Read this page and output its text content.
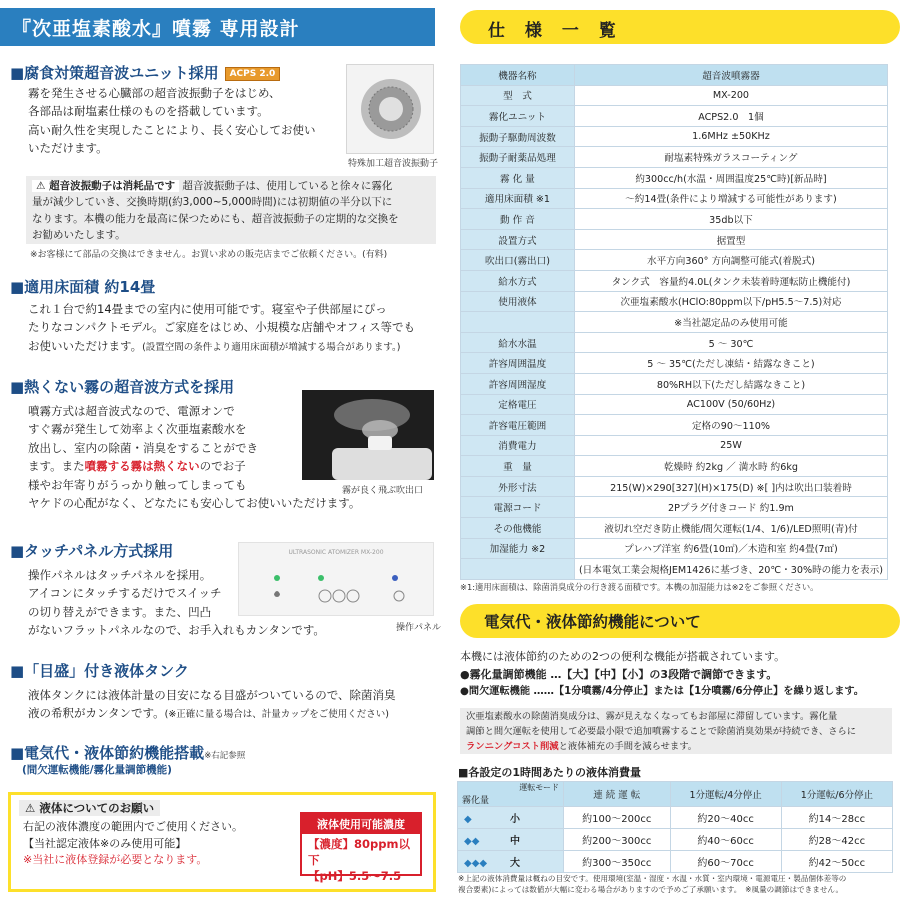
『次亜塩素酸水』噴霧 専用設計
■腐食対策超音波ユニット採用 ACPS 2.0
霧を発生させる心臓部の超音波振動子をはじめ、
各部品は耐塩素仕様のものを搭載しています。
高い耐久性を実現したことにより、長く安心してお使い
いただけます。
特殊加工超音波振動子
⚠ 超音波振動子は消耗品です 超音波振動子は、使用していると徐々に霧化
量が減少していき、交換時期(約3,000~5,000時間)には初期値の半分以下に
なります。本機の能力を最高に保つためにも、超音波振動子の定期的な交換を
お勧めいたします。
※お客様にて部品の交換はできません。お買い求めの販売店までご依頼ください。(有料)
■適用床面積 約14畳
これ１台で約14畳までの室内に使用可能です。寝室や子供部屋にぴっ
たりなコンパクトモデル。ご家庭をはじめ、小規模な店舗やオフィス等でも
お使いいただけます。(設置空間の条件より適用床面積が増減する場合があります。)
■熱くない霧の超音波方式を採用
噴霧方式は超音波式なので、電源オンで
すぐ霧が発生して効率よく次亜塩素酸水を
放出し、室内の除菌・消臭をすることができ
ます。また噴霧する霧は熱くないのでお子
様やお年寄りがうっかり触ってしまっても
ヤケドの心配がなく、どなたにも安心してお使いいただけます。
霧が良く飛ぶ吹出口
■タッチパネル方式採用
操作パネルはタッチパネルを採用。
アイコンにタッチするだけでスイッチ
の切り替えができます。また、凹凸
がないフラットパネルなので、お手入れもカンタンです。
ULTRASONIC ATOMIZER MX-200
操作パネル
■「目盛」付き液体タンク
液体タンクには液体計量の目安になる目盛がついているので、除菌消臭
液の希釈がカンタンです。(※正確に量る場合は、計量カップをご使用ください)
■電気代・液体節約機能搭載※右記参照
(間欠運転機能/霧化量調節機能)
⚠ 液体についてのお願い
右記の液体濃度の範囲内でご使用ください。
【当社認定液体※のみ使用可能】
※当社に液体登録が必要となります。
液体使用可能濃度
【濃度】80ppm以下
【pH】5.5～7.5
仕 様 一 覧
機器名称	超音波噴霧器
型　式	MX-200
霧化ユニット	ACPS2.0　1個
振動子駆動周波数	1.6MHz ±50KHz
振動子耐薬品処理	耐塩素特殊ガラスコーティング
霧 化 量	約300cc/h(水温・周囲温度25℃時)[新品時]
適用床面積 ※1	～約14畳(条件により増減する可能性があります)
動 作 音	35db以下
設置方式	据置型
吹出口(霧出口)	水平方向360° 方向調整可能式(着脱式)
給水方式	タンク式　容量約4.0L(タンク未装着時運転防止機能付)
使用液体	次亜塩素酸水(HClO:80ppm以下/pH5.5～7.5)対応
	※当社認定品のみ使用可能
給水水温	5 ～ 30℃
許容周囲温度	5 ～ 35℃(ただし凍結・結露なきこと)
許容周囲湿度	80%RH以下(ただし結露なきこと)
定格電圧	AC100V (50/60Hz)
許容電圧範囲	定格の90～110%
消費電力	25W
重　量	乾燥時 約2kg ／ 満水時 約6kg
外形寸法	215(W)×290[327](H)×175(D) ※[ ]内は吹出口装着時
電源コード	2Pプラグ付きコード 約1.9m
その他機能	液切れ空だき防止機能/間欠運転(1/4、1/6)/LED照明(青)付
加湿能力 ※2	プレハブ洋室 約6畳(10㎡)／木造和室 約4畳(7㎡)
	(日本電気工業会規格JEM1426に基づき、20℃・30%時の能力を表示)
※1:適用床面積は、除菌消臭成分の行き渡る面積です。本機の加湿能力は※2をご参照ください。
電気代・液体節約機能について
本機には液体節約のための2つの便利な機能が搭載されています。
●霧化量調節機能 …【大】【中】【小】の3段階で調節できます。
●間欠運転機能 ……【1分噴霧/4分停止】または【1分噴霧/6分停止】を繰り返します。
次亜塩素酸水の除菌消臭成分は、霧が見えなくなってもお部屋に滞留しています。霧化量
調節と間欠運転を使用して必要最小限で追加噴霧することで除菌消臭効果が持続でき、さらに
ランニングコスト削減と液体補充の手間を減らせます。
■各設定の1時間あたりの液体消費量
運転モード
霧化量	連 続 運 転	1分運転/4分停止	1分運転/6分停止
◆ 小	約100～200cc	約20～40cc	約14～28cc
◆◆ 中	約200～300cc	約40～60cc	約28～42cc
◆◆◆ 大	約300～350cc	約60～70cc	約42～50cc
※上記の液体消費量は概ねの目安です。使用環境(室温・湿度・水温・水質・室内環境・電源電圧・製品個体差等の
複合要素)によっては数値が大幅に変わる場合がありますので予めご了承願います。　※風量の調節はできません。
